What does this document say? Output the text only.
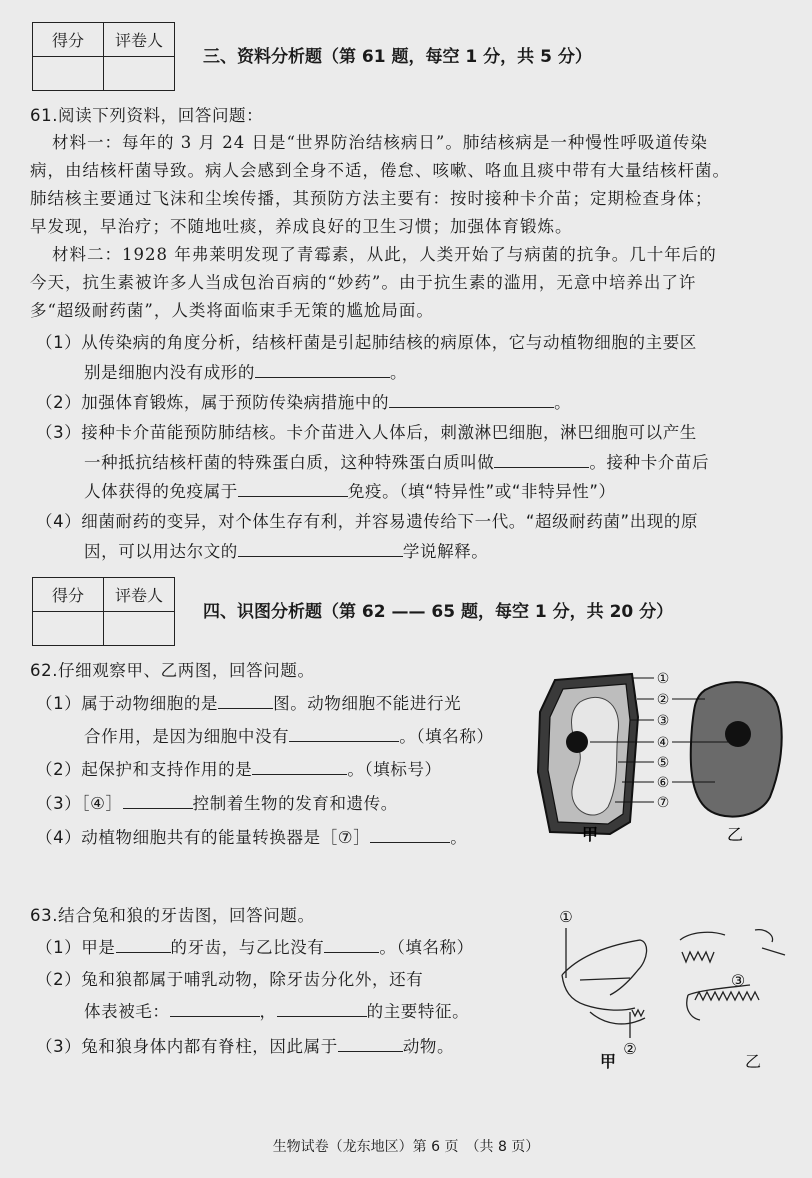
得分	评卷人

三、资料分析题（第 61 题，每空 1 分，共 5 分）
61.阅读下列资料，回答问题：
材料一：每年的 3 月 24 日是“世界防治结核病日”。肺结核病是一种慢性呼吸道传染
病，由结核杆菌导致。病人会感到全身不适，倦怠、咳嗽、咯血且痰中带有大量结核杆菌。
肺结核主要通过飞沫和尘埃传播，其预防方法主要有：按时接种卡介苗；定期检查身体；
早发现，早治疗；不随地吐痰，养成良好的卫生习惯；加强体育锻炼。
材料二：1928 年弗莱明发现了青霉素，从此，人类开始了与病菌的抗争。几十年后的
今天，抗生素被许多人当成包治百病的“妙药”。由于抗生素的滥用，无意中培养出了许
多“超级耐药菌”，人类将面临束手无策的尴尬局面。
（1）从传染病的角度分析，结核杆菌是引起肺结核的病原体，它与动植物细胞的主要区
别是细胞内没有成形的	。
（2）加强体育锻炼，属于预防传染病措施中的	。
（3）接种卡介苗能预防肺结核。卡介苗进入人体后，刺激淋巴细胞，淋巴细胞可以产生
一种抵抗结核杆菌的特殊蛋白质，这种特殊蛋白质叫做	。接种卡介苗后
人体获得的免疫属于	免疫。（填“特异性”或“非特异性”）
（4）细菌耐药的变异，对个体生存有利，并容易遗传给下一代。“超级耐药菌”出现的原
因，可以用达尔文的	学说解释。
得分	评卷人

四、识图分析题（第 62 —— 65 题，每空 1 分，共 20 分）
62.仔细观察甲、乙两图，回答问题。
（1）属于动物细胞的是	图。动物细胞不能进行光
合作用，是因为细胞中没有	。（填名称）
（2）起保护和支持作用的是	。（填标号）
（3）［④］	控制着生物的发育和遗传。
（4）动植物细胞共有的能量转换器是［⑦］	。
①
②
③
④
⑤
⑥
⑦
甲	乙
63.结合兔和狼的牙齿图，回答问题。
（1）甲是	的牙齿，与乙比没有	。（填名称）
（2）兔和狼都属于哺乳动物，除牙齿分化外，还有
体表被毛：	，	的主要特征。
（3）兔和狼身体内都有脊柱，因此属于	动物。
①
②
③
甲	乙
生物试卷（龙东地区）第 6 页　（共 8 页）
